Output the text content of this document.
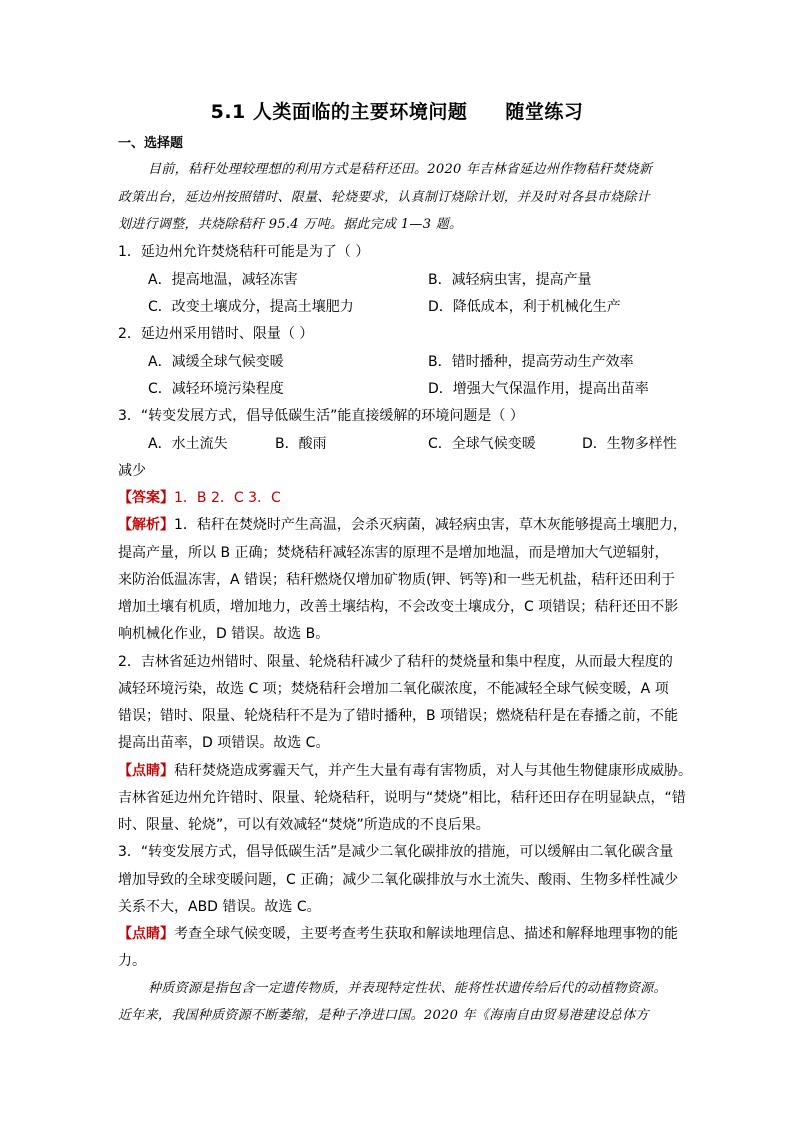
5.1 人类面临的主要环境问题 随堂练习
一、选择题
目前，秸秆处理较理想的利用方式是秸秆还田。2020 年吉林省延边州作物秸秆焚烧新
政策出台，延边州按照错时、限量、轮烧要求，认真制订烧除计划，并及时对各县市烧除计
划进行调整，共烧除秸秆 95.4 万吨。据此完成 1—3 题。
1．延边州允许焚烧秸秆可能是为了（ ）
A．提高地温，减轻冻害	B．减轻病虫害，提高产量
C．改变土壤成分，提高土壤肥力	D．降低成本，利于机械化生产
2．延边州采用错时、限量（ ）
A．减缓全球气候变暖	B．错时播种，提高劳动生产效率
C．减轻环境污染程度	D．增强大气保温作用，提高出苗率
3．“转变发展方式，倡导低碳生活”能直接缓解的环境问题是（ ）
A．水土流失	B．酸雨	C．全球气候变暖	D．生物多样性
减少
【答案】1．B 2．C 3．C
【解析】1．秸秆在焚烧时产生高温，会杀灭病菌，减轻病虫害，草木灰能够提高土壤肥力，
提高产量，所以 B 正确；焚烧秸秆减轻冻害的原理不是增加地温，而是增加大气逆辐射，
来防治低温冻害，A 错误；秸秆燃烧仅增加矿物质(钾、钙等)和一些无机盐，秸秆还田利于
增加土壤有机质，增加地力，改善土壤结构，不会改变土壤成分，C 项错误；秸秆还田不影
响机械化作业，D 错误。故选 B。
2．吉林省延边州错时、限量、轮烧秸秆减少了秸秆的焚烧量和集中程度，从而最大程度的
减轻环境污染，故选 C 项；焚烧秸秆会增加二氧化碳浓度，不能减轻全球气候变暖，A 项
错误；错时、限量、轮烧秸秆不是为了错时播种，B 项错误；燃烧秸秆是在春播之前，不能
提高出苗率，D 项错误。故选 C。
【点睛】秸秆焚烧造成雾霾天气，并产生大量有毒有害物质，对人与其他生物健康形成威胁。
吉林省延边州允许错时、限量、轮烧秸秆，说明与“焚烧”相比，秸秆还田存在明显缺点，“错
时、限量、轮烧”，可以有效减轻“焚烧”所造成的不良后果。
3．“转变发展方式，倡导低碳生活”是减少二氧化碳排放的措施，可以缓解由二氧化碳含量
增加导致的全球变暖问题，C 正确；减少二氧化碳排放与水土流失、酸雨、生物多样性减少
关系不大，ABD 错误。故选 C。
【点睛】考查全球气候变暖，主要考查考生获取和解读地理信息、描述和解释地理事物的能
力。
种质资源是指包含一定遗传物质，并表现特定性状、能将性状遗传给后代的动植物资源。
近年来，我国种质资源不断萎缩，是种子净进口国。2020 年《海南自由贸易港建设总体方
